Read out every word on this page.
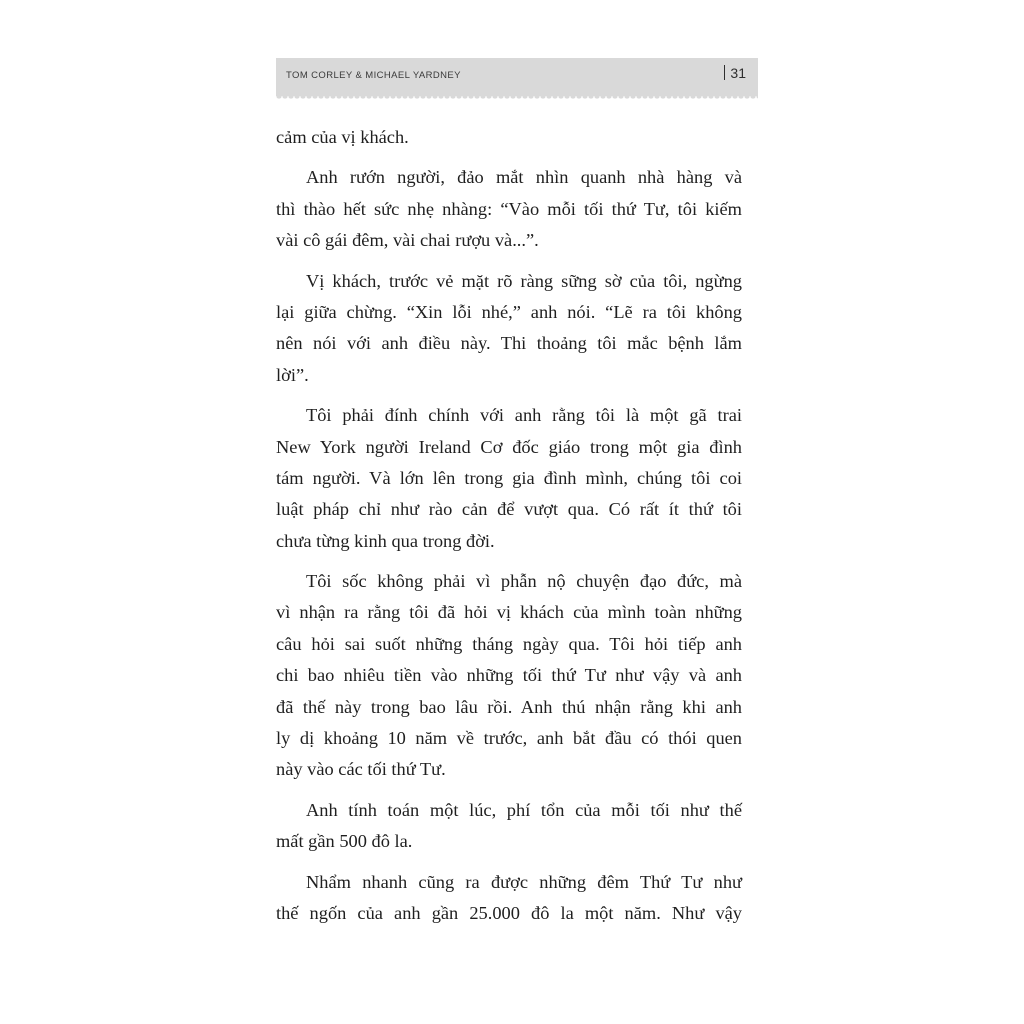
TOM CORLEY & MICHAEL YARDNEY	31
cảm của vị khách.
Anh rướn người, đảo mắt nhìn quanh nhà hàng và
thì thào hết sức nhẹ nhàng: “Vào mỗi tối thứ Tư, tôi kiếm
vài cô gái đêm, vài chai rượu và...”.
Vị khách, trước vẻ mặt rõ ràng sững sờ của tôi, ngừng
lại giữa chừng. “Xin lỗi nhé,” anh nói. “Lẽ ra tôi không
nên nói với anh điều này. Thi thoảng tôi mắc bệnh lắm
lời”.
Tôi phải đính chính với anh rằng tôi là một gã trai
New York người Ireland Cơ đốc giáo trong một gia đình
tám người. Và lớn lên trong gia đình mình, chúng tôi coi
luật pháp chỉ như rào cản để vượt qua. Có rất ít thứ tôi
chưa từng kinh qua trong đời.
Tôi sốc không phải vì phẫn nộ chuyện đạo đức, mà
vì nhận ra rằng tôi đã hỏi vị khách của mình toàn những
câu hỏi sai suốt những tháng ngày qua. Tôi hỏi tiếp anh
chi bao nhiêu tiền vào những tối thứ Tư như vậy và anh
đã thế này trong bao lâu rồi. Anh thú nhận rằng khi anh
ly dị khoảng 10 năm về trước, anh bắt đầu có thói quen
này vào các tối thứ Tư.
Anh tính toán một lúc, phí tổn của mỗi tối như thế
mất gần 500 đô la.
Nhẩm nhanh cũng ra được những đêm Thứ Tư như
thế ngốn của anh gần 25.000 đô la một năm. Như vậy
